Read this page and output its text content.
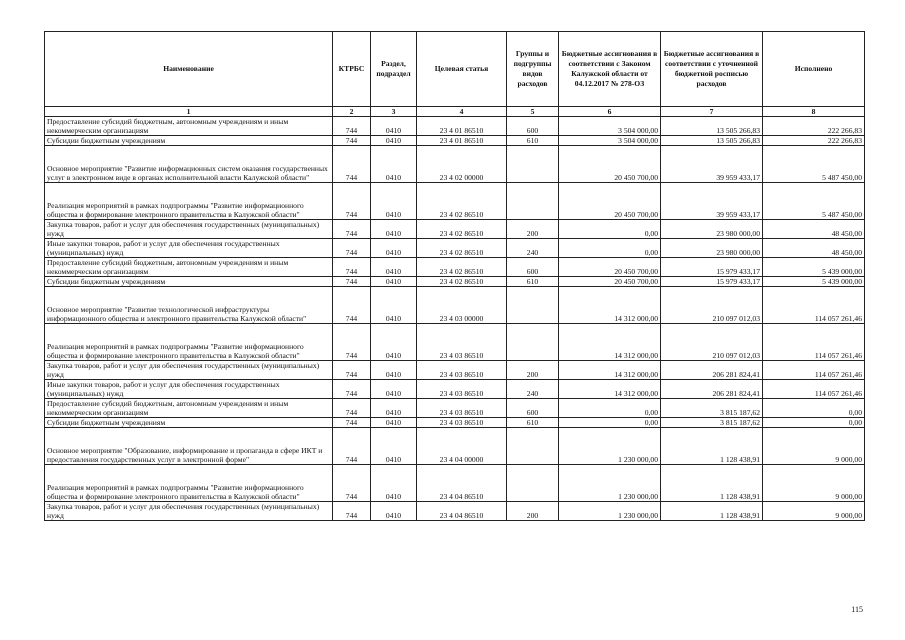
Наименование	КТРБС	Раздел, подраздел	Целевая статья	Группы и подгруппы видов расходов	Бюджетные ассигнования в соответствии с Законом Калужской области от 04.12.2017 № 278-ОЗ	Бюджетные ассигнования в соответствии с уточненной бюджетной росписью расходов	Исполнено
1	2	3	4	5	6	7	8
Предоставление субсидий бюджетным, автономным учреждениям и иным некоммерческим организациям	744	0410	23 4 01 86510	600	3 504 000,00	13 505 266,83	222 266,83
Субсидии бюджетным учреждениям	744	0410	23 4 01 86510	610	3 504 000,00	13 505 266,83	222 266,83
Основное мероприятие "Развитие информационных систем оказания государственных услуг в электронном виде в органах исполнительной власти Калужской области"	744	0410	23 4 02 00000		20 450 700,00	39 959 433,17	5 487 450,00
Реализация мероприятий в рамках подпрограммы "Развитие информационного общества и формирование электронного правительства в Калужской области"	744	0410	23 4 02 86510		20 450 700,00	39 959 433,17	5 487 450,00
Закупка товаров, работ и услуг для обеспечения государственных (муниципальных) нужд	744	0410	23 4 02 86510	200	0,00	23 980 000,00	48 450,00
Иные закупки товаров, работ и услуг для обеспечения государственных (муниципальных) нужд	744	0410	23 4 02 86510	240	0,00	23 980 000,00	48 450,00
Предоставление субсидий бюджетным, автономным учреждениям и иным некоммерческим организациям	744	0410	23 4 02 86510	600	20 450 700,00	15 979 433,17	5 439 000,00
Субсидии бюджетным учреждениям	744	0410	23 4 02 86510	610	20 450 700,00	15 979 433,17	5 439 000,00
Основное мероприятие "Развитие технологической инфраструктуры информационного общества и электронного правительства Калужской области"	744	0410	23 4 03 00000		14 312 000,00	210 097 012,03	114 057 261,46
Реализация мероприятий в рамках подпрограммы "Развитие информационного общества и формирование электронного правительства в Калужской области"	744	0410	23 4 03 86510		14 312 000,00	210 097 012,03	114 057 261,46
Закупка товаров, работ и услуг для обеспечения государственных (муниципальных) нужд	744	0410	23 4 03 86510	200	14 312 000,00	206 281 824,41	114 057 261,46
Иные закупки товаров, работ и услуг для обеспечения государственных (муниципальных) нужд	744	0410	23 4 03 86510	240	14 312 000,00	206 281 824,41	114 057 261,46
Предоставление субсидий бюджетным, автономным учреждениям и иным некоммерческим организациям	744	0410	23 4 03 86510	600	0,00	3 815 187,62	0,00
Субсидии бюджетным учреждениям	744	0410	23 4 03 86510	610	0,00	3 815 187,62	0,00
Основное мероприятие "Образование, информирование и пропаганда в сфере ИКТ и предоставления государственных услуг в электронной форме"	744	0410	23 4 04 00000		1 230 000,00	1 128 438,91	9 000,00
Реализация мероприятий в рамках подпрограммы "Развитие информационного общества и формирование электронного правительства в Калужской области"	744	0410	23 4 04 86510		1 230 000,00	1 128 438,91	9 000,00
Закупка товаров, работ и услуг для обеспечения государственных (муниципальных) нужд	744	0410	23 4 04 86510	200	1 230 000,00	1 128 438,91	9 000,00
115
